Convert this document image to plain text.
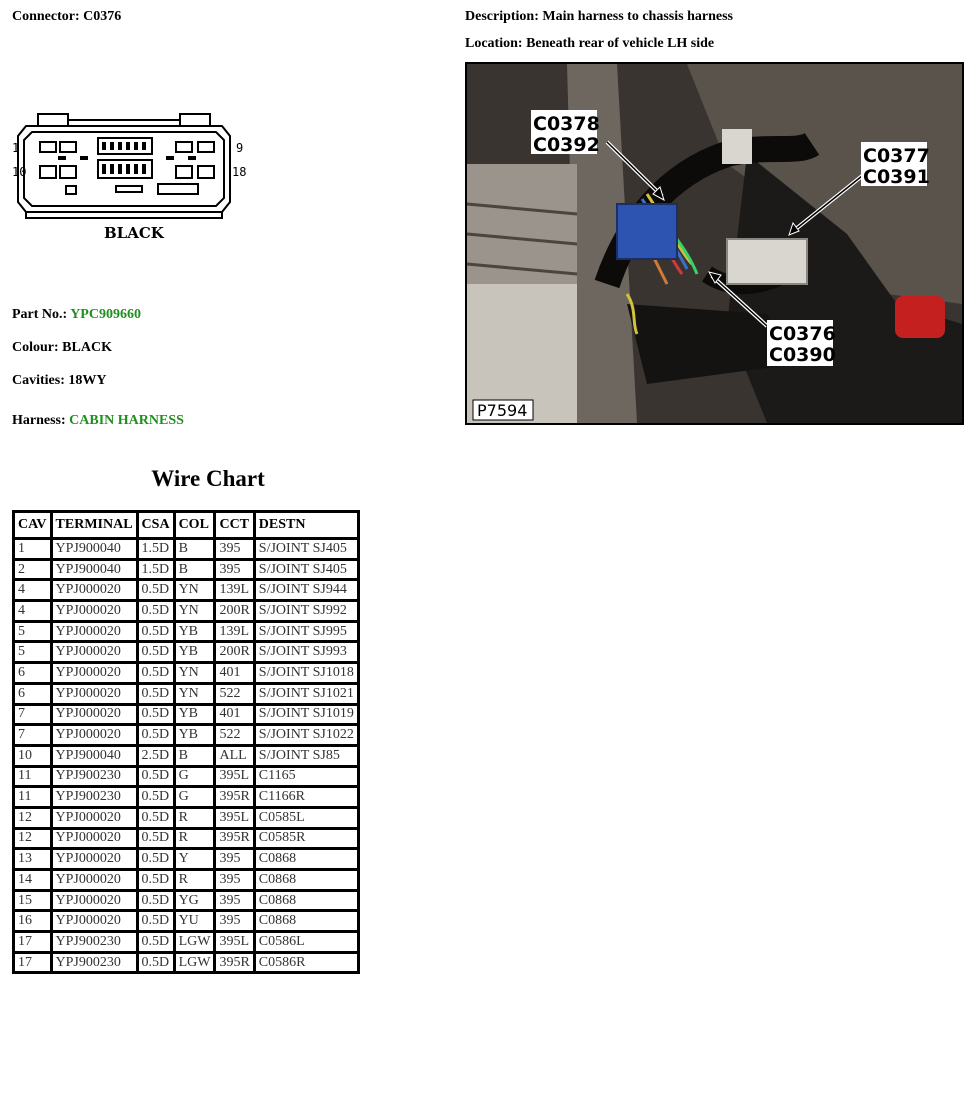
Connector: C0376	Description: Main harness to chassis harness
Location: Beneath rear of vehicle LH side
1	9
10	18
BLACK
Part No.: YPC909660
Colour: BLACK
Cavities: 18WY
Harness: CABIN HARNESS
C0378
C0392	C0377
C0391
C0376
C0390
P7594
Wire Chart
CAV	TERMINAL	CSA	COL	CCT	DESTN
1	YPJ900040	1.5D	B	395	S/JOINT SJ405
2	YPJ900040	1.5D	B	395	S/JOINT SJ405
4	YPJ000020	0.5D	YN	139L	S/JOINT SJ944
4	YPJ000020	0.5D	YN	200R	S/JOINT SJ992
5	YPJ000020	0.5D	YB	139L	S/JOINT SJ995
5	YPJ000020	0.5D	YB	200R	S/JOINT SJ993
6	YPJ000020	0.5D	YN	401	S/JOINT SJ1018
6	YPJ000020	0.5D	YN	522	S/JOINT SJ1021
7	YPJ000020	0.5D	YB	401	S/JOINT SJ1019
7	YPJ000020	0.5D	YB	522	S/JOINT SJ1022
10	YPJ900040	2.5D	B	ALL	S/JOINT SJ85
11	YPJ900230	0.5D	G	395L	C1165
11	YPJ900230	0.5D	G	395R	C1166R
12	YPJ000020	0.5D	R	395L	C0585L
12	YPJ000020	0.5D	R	395R	C0585R
13	YPJ000020	0.5D	Y	395	C0868
14	YPJ000020	0.5D	R	395	C0868
15	YPJ000020	0.5D	YG	395	C0868
16	YPJ000020	0.5D	YU	395	C0868
17	YPJ900230	0.5D	LGW	395L	C0586L
17	YPJ900230	0.5D	LGW	395R	C0586R
